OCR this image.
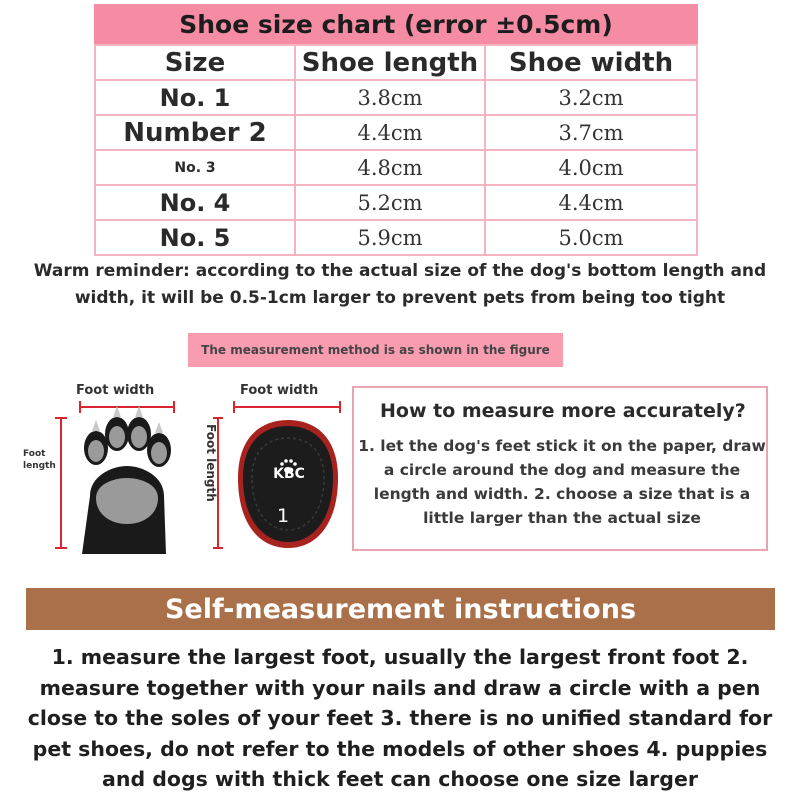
Shoe size chart (error ±0.5cm)
Size	Shoe length	Shoe width
No. 1	3.8cm	3.2cm
Number 2	4.4cm	3.7cm
No. 3	4.8cm	4.0cm
No. 4	5.2cm	4.4cm
No. 5	5.9cm	5.0cm
Warm reminder: according to the actual size of the dog's bottom length and width, it will be 0.5-1cm larger to prevent pets from being too tight
The measurement method is as shown in the figure
Foot width
Foot
length
Foot width
Foot length	KBC
1
How to measure more accurately?
1. let the dog's feet stick it on the paper, draw a circle around the dog and measure the length and width. 2. choose a size that is a little larger than the actual size
Self-measurement instructions
1. measure the largest foot, usually the largest front foot 2. measure together with your nails and draw a circle with a pen close to the soles of your feet 3. there is no unified standard for pet shoes, do not refer to the models of other shoes 4. puppies and dogs with thick feet can choose one size larger
